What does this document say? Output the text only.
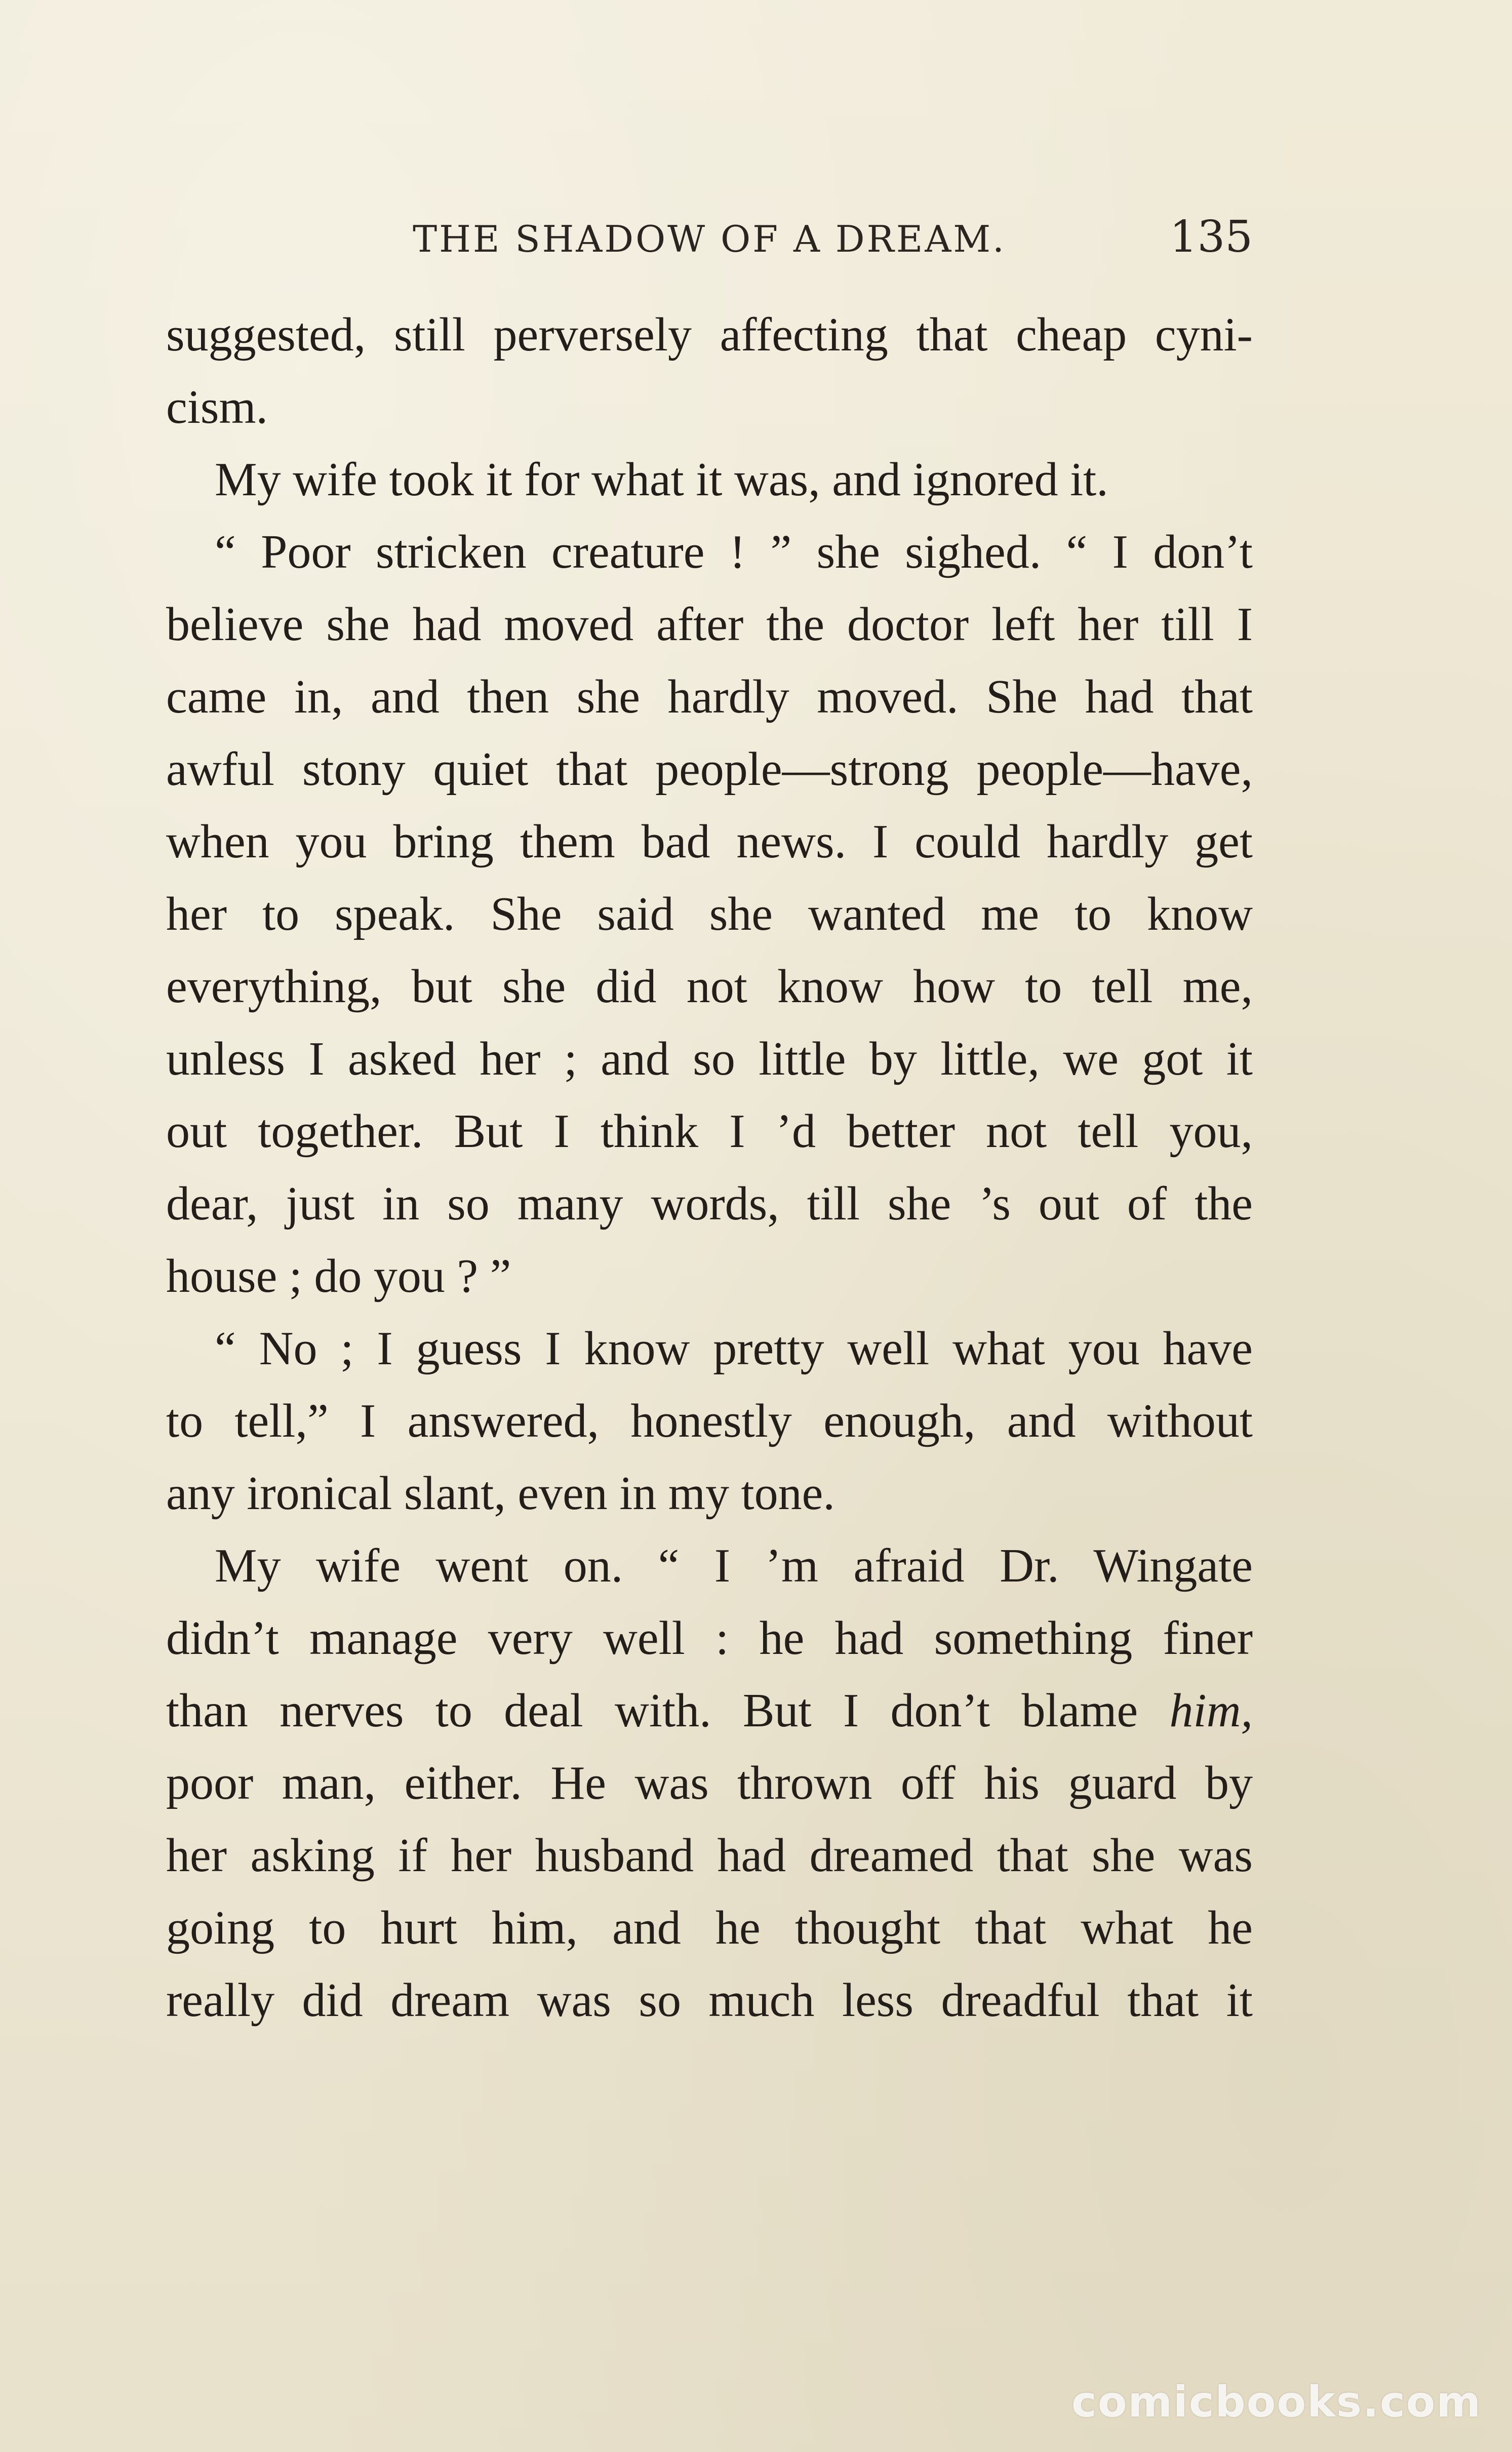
THE SHADOW OF A DREAM.	135
suggested, still perversely affecting that cheap cyni-
cism.
My wife took it for what it was, and ignored it.
“ Poor stricken creature ! ” she sighed. “ I don’t
believe she had moved after the doctor left her till I
came in, and then she hardly moved. She had that
awful stony quiet that people—strong people—have,
when you bring them bad news. I could hardly get
her to speak. She said she wanted me to know
everything, but she did not know how to tell me,
unless I asked her ; and so little by little, we got it
out together. But I think I ’d better not tell you,
dear, just in so many words, till she ’s out of the
house ; do you ? ”
“ No ; I guess I know pretty well what you have
to tell,” I answered, honestly enough, and without
any ironical slant, even in my tone.
My wife went on. “ I ’m afraid Dr. Wingate
didn’t manage very well : he had something finer
than nerves to deal with. But I don’t blame him,
poor man, either. He was thrown off his guard by
her asking if her husband had dreamed that she was
going to hurt him, and he thought that what he
really did dream was so much less dreadful that it
comicbooks.com
